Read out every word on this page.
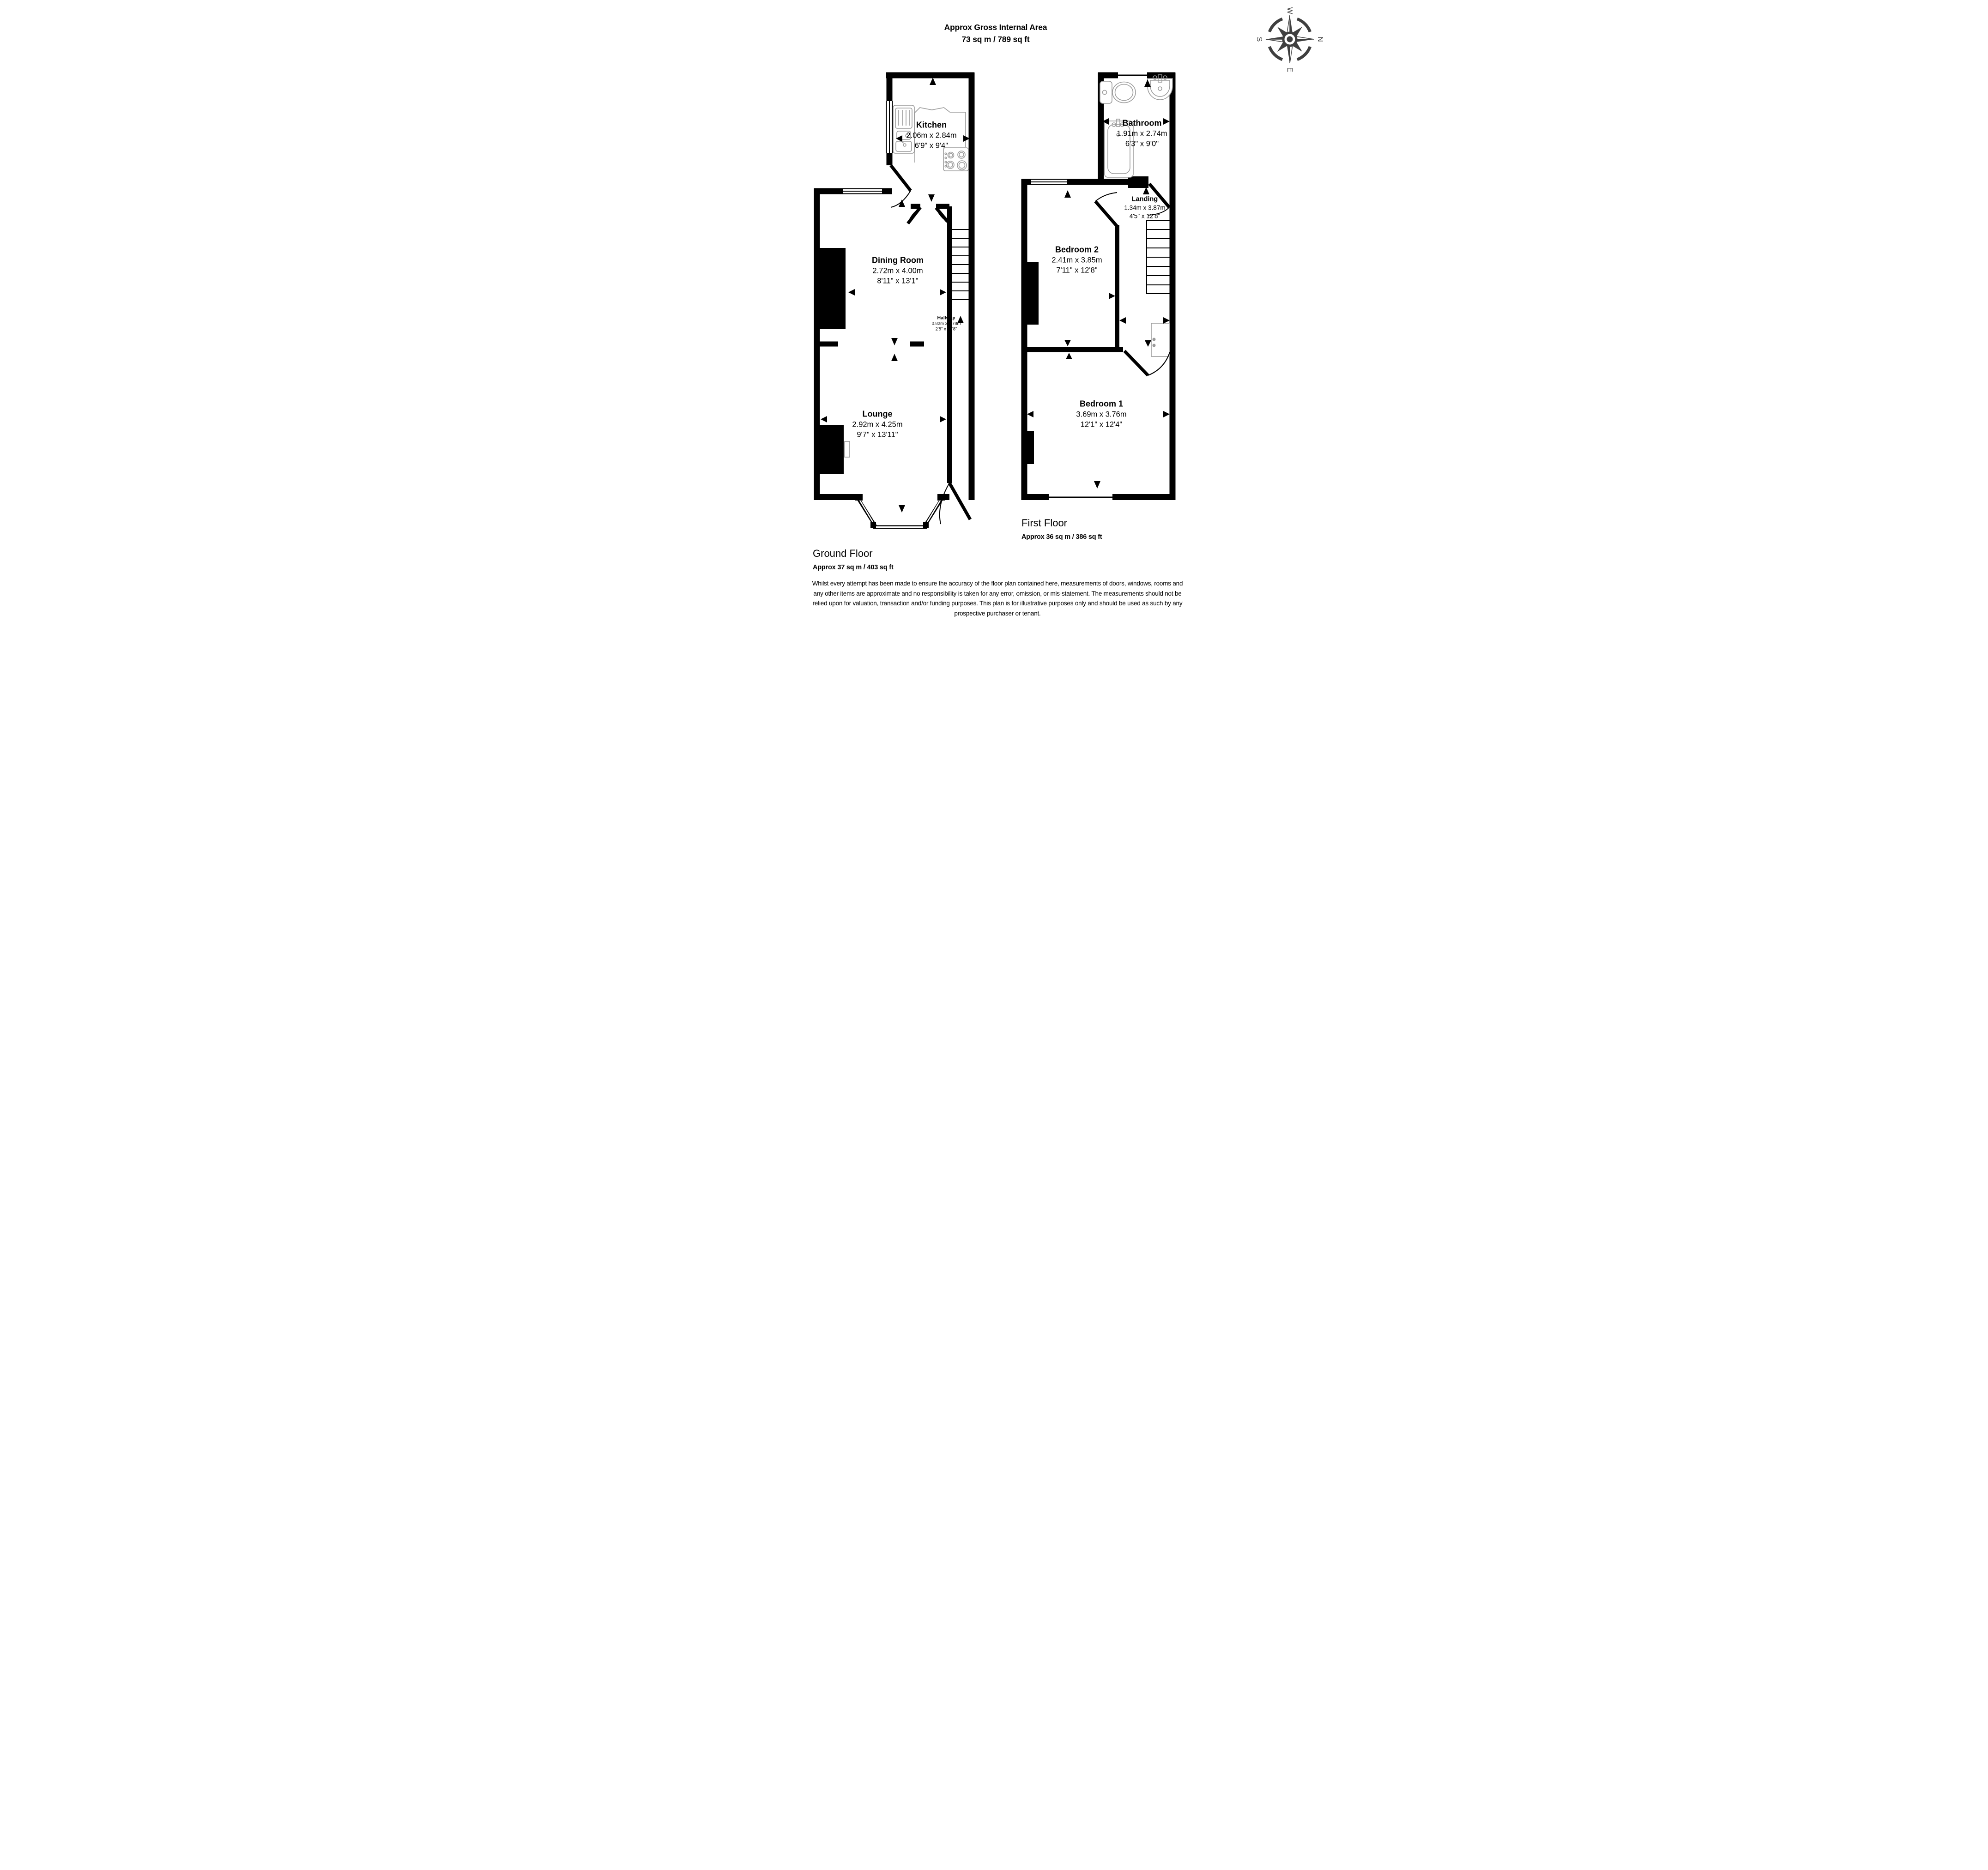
W
N
E
S
Approx Gross Internal Area
73 sq m / 789 sq ft
Kitchen
2.06m x 2.84m
6'9" x 9'4"
Dining Room
2.72m x 4.00m
8'11" x 13'1"
Hallway
0.82m x 4.78m
2'8" x 15'8"
Lounge
2.92m x 4.25m
9'7" x 13'11"
Bathroom
1.91m x 2.74m
6'3" x 9'0"
Landing
1.34m x 3.87m
4'5" x 12'8"
Bedroom 2
2.41m x 3.85m
7'11" x 12'8"
Bedroom 1
3.69m x 3.76m
12'1" x 12'4"
First Floor
Approx 36 sq m / 386 sq ft
Ground Floor
Approx 37 sq m / 403 sq ft
Whilst every attempt has been made to ensure the accuracy of the floor plan contained here, measurements of doors, windows, rooms and
any other items are approximate and no responsibility is taken for any error, omission, or mis-statement. The measurements should not be
relied upon for valuation, transaction and/or funding purposes. This plan is for illustrative purposes only and should be used as such by any
prospective purchaser or tenant.
